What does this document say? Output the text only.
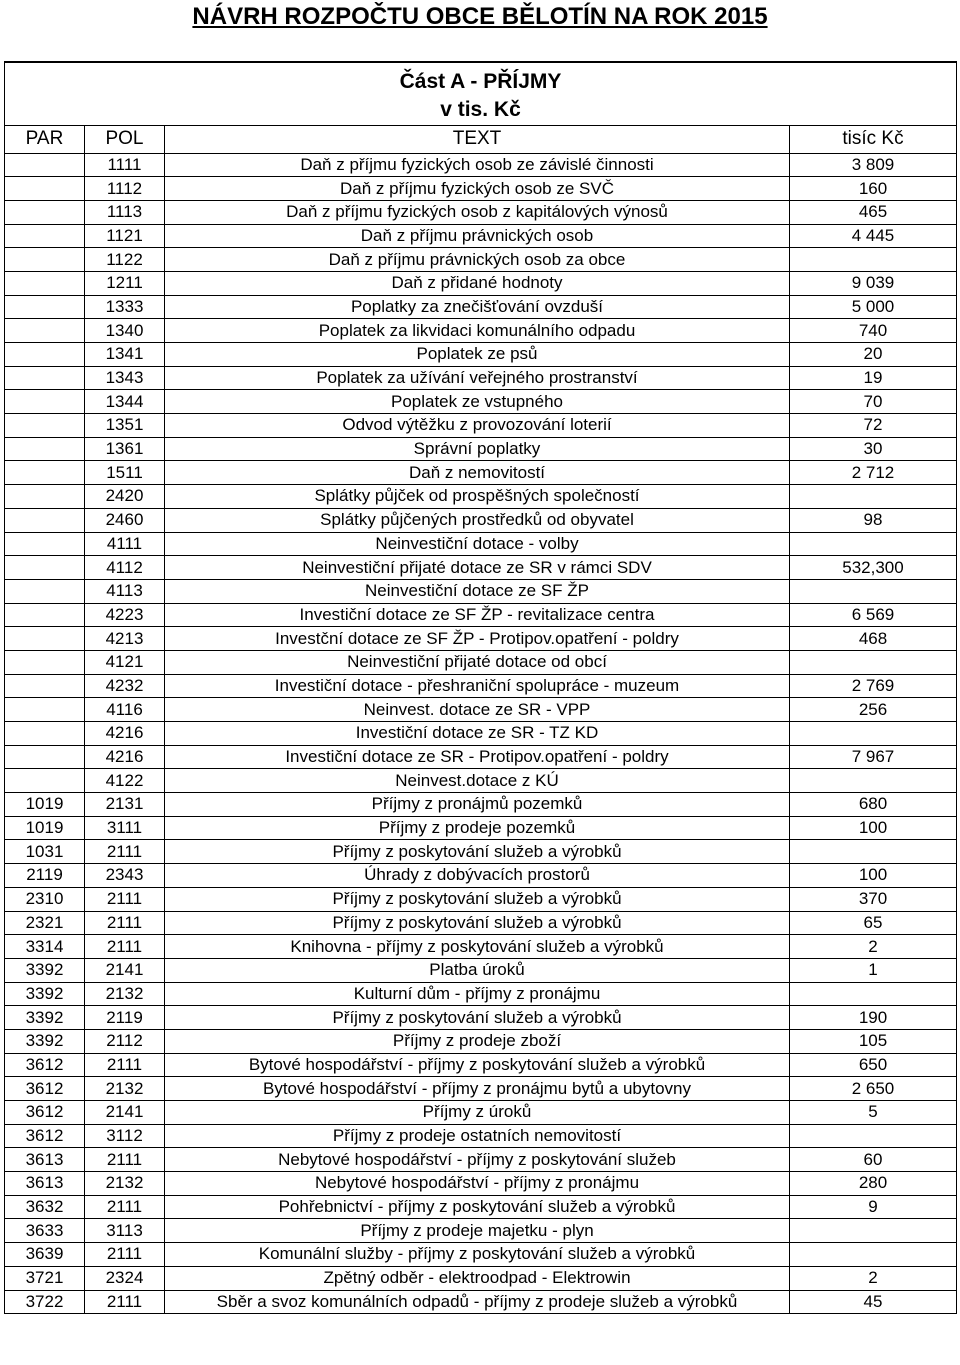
NÁVRH ROZPOČTU OBCE BĚLOTÍN NA ROK 2015
Část A - PŘÍJMY			
v tis. Kč			
PAR	POL	TEXT	tisíc Kč
	1111	Daň z příjmu fyzických osob ze závislé činnosti	3 809
	1112	Daň z příjmu fyzických osob ze SVČ	160
	1113	Daň z příjmu fyzických osob z kapitálových výnosů	465
	1121	Daň z příjmu právnických osob	4 445
	1122	Daň z příjmu právnických osob za obce	
	1211	Daň z přidané hodnoty	9 039
	1333	Poplatky za znečišťování ovzduší	5 000
	1340	Poplatek za likvidaci komunálního odpadu	740
	1341	Poplatek ze psů	20
	1343	Poplatek za užívání veřejného prostranství	19
	1344	Poplatek ze vstupného	70
	1351	Odvod výtěžku z provozování loterií	72
	1361	Správní poplatky	30
	1511	Daň z nemovitostí	2 712
	2420	Splátky půjček od prospěšných společností	
	2460	Splátky půjčených prostředků od obyvatel	98
	4111	Neinvestiční dotace - volby	
	4112	Neinvestiční přijaté dotace ze SR v rámci SDV	532,300
	4113	Neinvestiční dotace ze SF ŽP	
	4223	Investiční dotace ze SF ŽP - revitalizace centra	6 569
	4213	Investční dotace ze SF ŽP - Protipov.opatření - poldry	468
	4121	Neinvestiční přijaté dotace od obcí	
	4232	Investiční dotace - přeshraniční spolupráce - muzeum	2 769
	4116	Neinvest. dotace ze SR - VPP	256
	4216	Investiční dotace ze SR - TZ KD	
	4216	Investiční dotace ze SR - Protipov.opatření - poldry	7 967
	4122	Neinvest.dotace z KÚ	
1019	2131	Příjmy z pronájmů pozemků	680
1019	3111	Příjmy z prodeje pozemků	100
1031	2111	Příjmy z poskytování služeb a výrobků	
2119	2343	Úhrady z dobývacích prostorů	100
2310	2111	Příjmy z poskytování služeb a výrobků	370
2321	2111	Příjmy z poskytování služeb a výrobků	65
3314	2111	Knihovna - příjmy z poskytování služeb a výrobků	2
3392	2141	Platba úroků	1
3392	2132	Kulturní dům - příjmy z pronájmu	
3392	2119	Příjmy z poskytování služeb a výrobků	190
3392	2112	Příjmy z prodeje zboží	105
3612	2111	Bytové hospodářství - příjmy z poskytování služeb a výrobků	650
3612	2132	Bytové hospodářství - příjmy z pronájmu bytů a ubytovny	2 650
3612	2141	Příjmy z úroků	5
3612	3112	Příjmy z prodeje ostatních nemovitostí	
3613	2111	Nebytové hospodářství - příjmy z poskytování služeb	60
3613	2132	Nebytové hospodářství - příjmy z pronájmu	280
3632	2111	Pohřebnictví - příjmy z poskytování služeb a výrobků	9
3633	3113	Příjmy z prodeje majetku - plyn	
3639	2111	Komunální služby - příjmy z poskytování služeb a výrobků	
3721	2324	Zpětný odběr - elektroodpad - Elektrowin	2
3722	2111	Sběr a svoz komunálních odpadů - příjmy z prodeje služeb a výrobků	45
